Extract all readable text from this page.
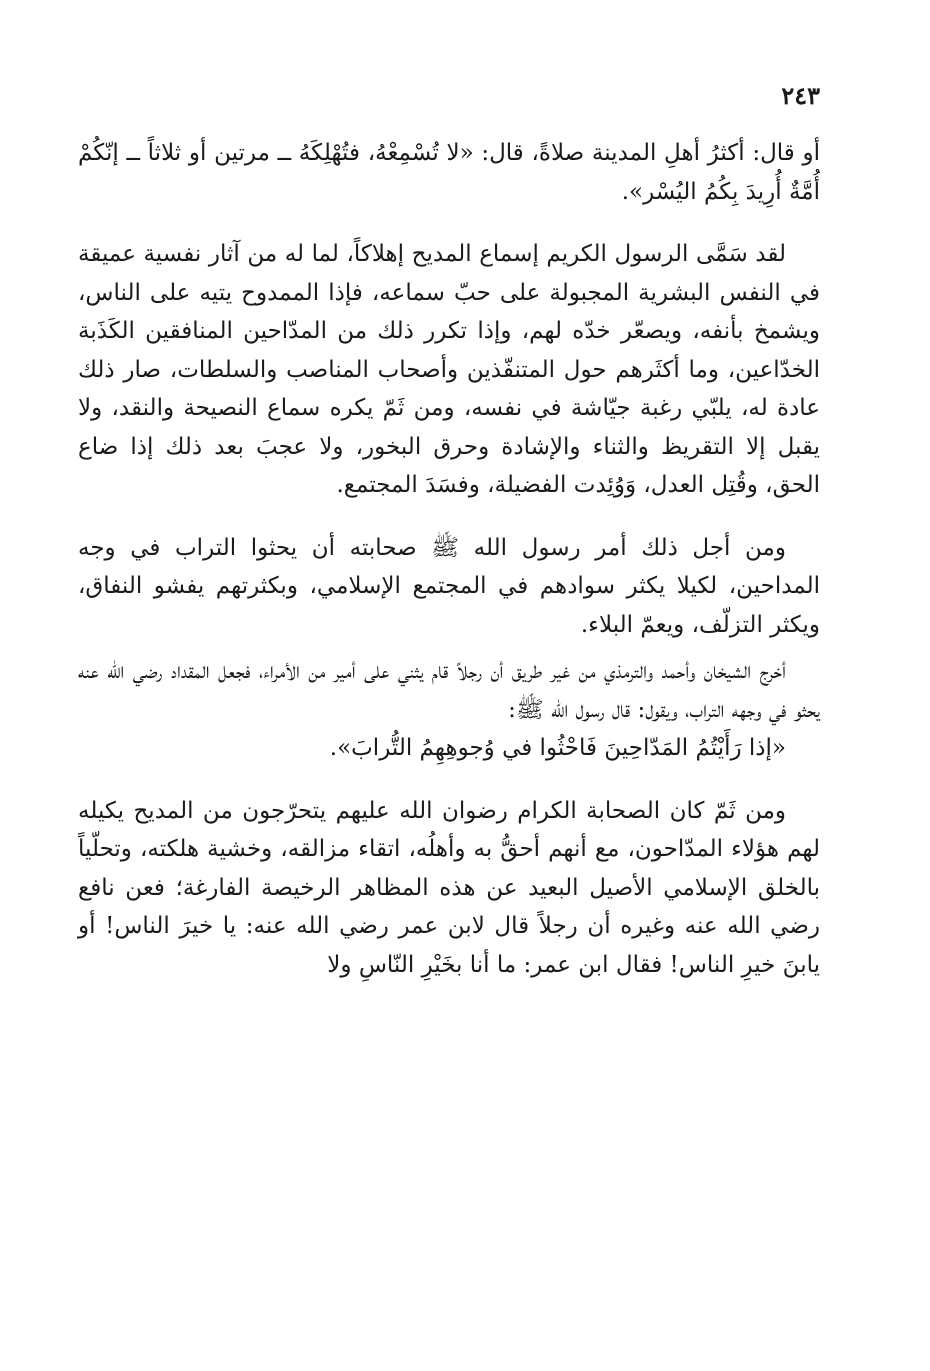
٢٤٣

أو قال: أكثرُ أهلِ المدينة صلاةً، قال: «لا تُسْمِعْهُ، فتُهْلِكَهُ ــ مرتين أو ثلاثاً ــ إنّكُمْ أُمَّةٌ أُرِيدَ بِكُمُ اليُسْر».

لقد سَمَّى الرسول الكريم إسماع المديح إهلاكاً، لما له من آثار نفسية عميقة في النفس البشرية المجبولة على حبّ سماعه، فإذا الممدوح يتيه على الناس، ويشمخ بأنفه، ويصعّر خدّه لهم، وإذا تكرر ذلك من المدّاحين المنافقين الكَذَبة الخدّاعين، وما أكثَرهم حول المتنفّذين وأصحاب المناصب والسلطات، صار ذلك عادة له، يلبّي رغبة جيّاشة في نفسه، ومن ثَمّ يكره سماع النصيحة والنقد، ولا يقبل إلا التقريظ والثناء والإشادة وحرق البخور، ولا عجبَ بعد ذلك إذا ضاع الحق، وقُتِل العدل، وَوُئِدت الفضيلة، وفسَدَ المجتمع.

ومن أجل ذلك أمر رسول الله ﷺ صحابته أن يحثوا التراب في وجه المداحين، لكيلا يكثر سوادهم في المجتمع الإسلامي، وبكثرتهم يفشو النفاق، ويكثر التزلّف، ويعمّ البلاء.

أخرج الشيخان وأحمد والترمذي من غير طريق أن رجلاً قام يثني على أمير من الأمراء، فجعل المقداد رضي الله عنه يحثو في وجهه التراب، ويقول: قال رسول الله ﷺ:

«إذا رَأَيْتُمُ المَدّاحِينَ فَاحْثُوا في وُجوهِهِمُ التُّرابَ».

ومن ثَمّ كان الصحابة الكرام رضوان الله عليهم يتحرّجون من المديح يكيله لهم هؤلاء المدّاحون، مع أنهم أحقُّ به وأهلُه، اتقاء مزالقه، وخشية هلكته، وتحلّياً بالخلق الإسلامي الأصيل البعيد عن هذه المظاهر الرخيصة الفارغة؛ فعن نافع رضي الله عنه وغيره أن رجلاً قال لابن عمر رضي الله عنه: يا خيرَ الناس! أو يابنَ خيرِ الناس! فقال ابن عمر: ما أنا بخَيْرِ النّاسِ ولا
